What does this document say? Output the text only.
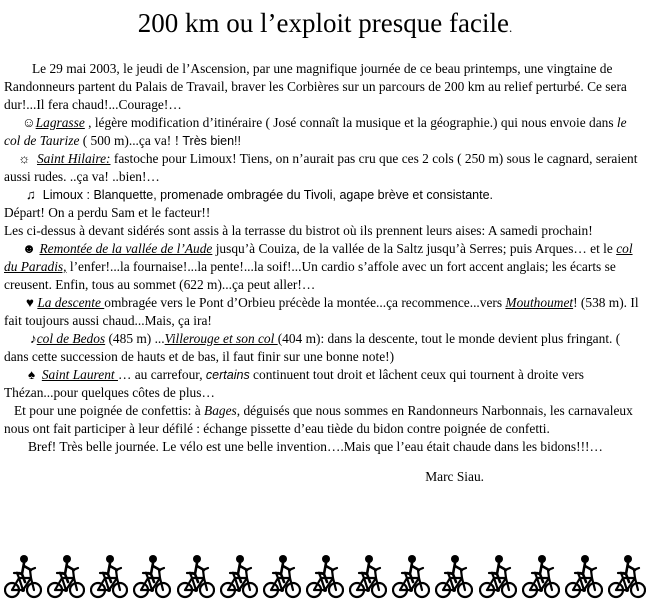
200 km ou l’exploit presque facile.

Le 29 mai 2003, le jeudi de l’Ascension, par une magnifique journée de ce beau printemps, une vingtaine de Randonneurs partent du Palais de Travail, braver les Corbières sur un parcours de 200 km au relief perturbé. Ce sera dur!...Il fera chaud!...Courage!…

☺Lagrasse , légère modification d’itinéraire ( José connaît la musique et la géographie.) qui nous envoie dans le col de Taurize ( 500 m)...ça va! ! Très bien!!

☼ Saint Hilaire: fastoche pour Limoux! Tiens, on n’aurait pas cru que ces 2 cols ( 250 m) sous le cagnard, seraient aussi rudes. ..ça va! ..bien!…

♫ Limoux : Blanquette, promenade ombragée du Tivoli, agape brève et consistante.

Départ! On a perdu Sam et le facteur!!

Les ci-dessus à devant sidérés sont assis à la terrasse du bistrot où ils prennent leurs aises: A samedi prochain!

☻ Remontée de la vallée de l’Aude jusqu’à Couiza, de la vallée de la Saltz jusqu’à Serres; puis Arques… et le col du Paradis, l’enfer!...la fournaise!...la pente!...la soif!...Un cardio s’affole avec un fort accent anglais; les écarts se creusent. Enfin, tous au sommet (622 m)...ça peut aller!…

♥ La descente ombragée vers le Pont d’Orbieu précède la montée...ça recommence...vers Mouthoumet! (538 m). Il fait toujours aussi chaud...Mais, ça ira!

♪col de Bedos (485 m) ...Villerouge et son col (404 m): dans la descente, tout le monde devient plus fringant. ( dans cette succession de hauts et de bas, il faut finir sur une bonne note!)

♠ Saint Laurent … au carrefour, certains continuent tout droit et lâchent ceux qui tournent à droite vers Thézan...pour quelques côtes de plus…

Et pour une poignée de confettis: à Bages, déguisés que nous sommes en Randonneurs Narbonnais, les carnavaleux nous ont fait participer à leur défilé : échange pissette d’eau tiède du bidon contre poignée de confetti.

Bref! Très belle journée. Le vélo est une belle invention….Mais que l’eau était chaude dans les bidons!!!…

Marc Siau.
